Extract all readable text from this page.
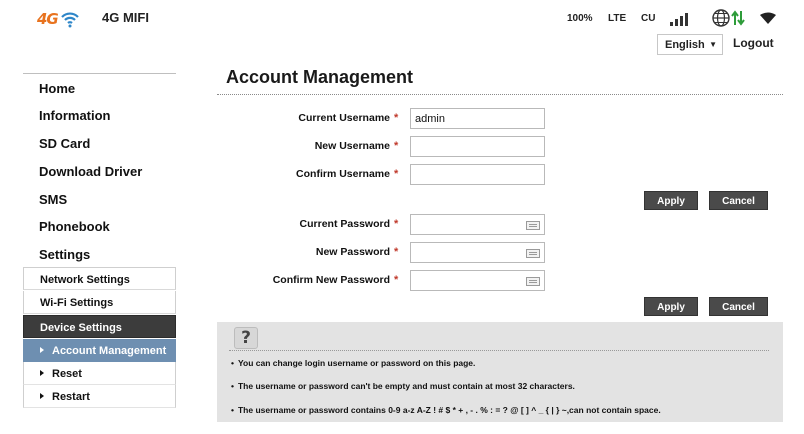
4G	4G MIFI	100% LTE CU
English ▼ Logout
Home
Information
SD Card
Download Driver
SMS
Phonebook
Settings
Network Settings
Wi-Fi Settings
Device Settings
Account Management
Reset
Restart
Account Management
Current Username *
admin
New Username *
Confirm Username *
Apply	Cancel
Current Password *
New Password *
Confirm New Password *
Apply	Cancel
?
• You can change login username or password on this page.
• The username or password can't be empty and must contain at most 32 characters.
• The username or password contains 0-9 a-z A-Z ! # $ * + , - . % : = ? @ [ ] ^ _ { | } ~,can not contain space.
